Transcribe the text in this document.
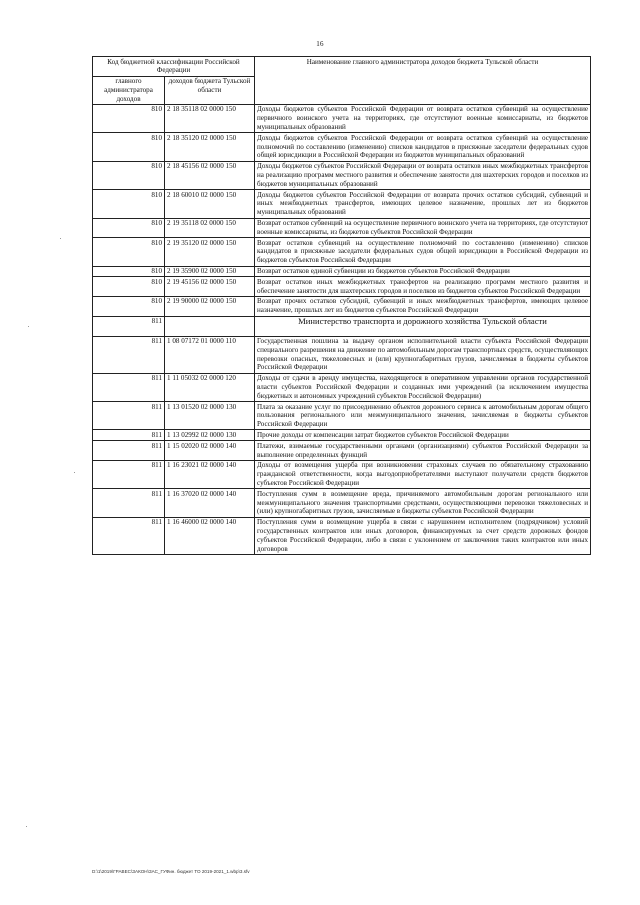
16
Код бюджетной классификации Российской Федерации		Наименование главного администратора доходов бюджета Тульской области
главного администратора доходов	доходов бюджета Тульской области	
810	2 18 35118 02 0000 150	Доходы бюджетов субъектов Российской Федерации от возврата остатков субвенций на осуществление первичного воинского учета на территориях, где отсутствуют военные комиссариаты, из бюджетов муниципальных образований
810	2 18 35120 02 0000 150	Доходы бюджетов субъектов Российской Федерации от возврата остатков субвенций на осуществление полномочий по составлению (изменению) списков кандидатов в присяжные заседатели федеральных судов общей юрисдикции в Российской Федерации из бюджетов муниципальных образований
810	2 18 45156 02 0000 150	Доходы бюджетов субъектов Российской Федерации от возврата остатков иных межбюджетных трансфертов на реализацию программ местного развития и обеспечение занятости для шахтерских городов и поселков из бюджетов муниципальных образований
810	2 18 60010 02 0000 150	Доходы бюджетов субъектов Российской Федерации от возврата прочих остатков субсидий, субвенций и иных межбюджетных трансфертов, имеющих целевое назначение, прошлых лет из бюджетов муниципальных образований
810	2 19 35118 02 0000 150	Возврат остатков субвенций на осуществление первичного воинского учета на территориях, где отсутствуют военные комиссариаты, из бюджетов субъектов Российской Федерации
810	2 19 35120 02 0000 150	Возврат остатков субвенций на осуществление полномочий по составлению (изменению) списков кандидатов в присяжные заседатели федеральных судов общей юрисдикции в Российской Федерации из бюджетов субъектов Российской Федерации
810	2 19 35900 02 0000 150	Возврат остатков единой субвенции из бюджетов субъектов Российской Федерации
810	2 19 45156 02 0000 150	Возврат остатков иных межбюджетных трансфертов на реализацию программ местного развития и обеспечение занятости для шахтерских городов и поселков из бюджетов субъектов Российской Федерации
810	2 19 90000 02 0000 150	Возврат прочих остатков субсидий, субвенций и иных межбюджетных трансфертов, имеющих целевое назначение, прошлых лет из бюджетов субъектов Российской Федерации
811		Министерство транспорта и дорожного хозяйства Тульской области
811	1 08 07172 01 0000 110	Государственная пошлина за выдачу органом исполнительной власти субъекта Российской Федерации специального разрешения на движение по автомобильным дорогам транспортных средств, осуществляющих перевозки опасных, тяжеловесных и (или) крупногабаритных грузов, зачисляемая в бюджеты субъектов Российской Федерации
811	1 11 05032 02 0000 120	Доходы от сдачи в аренду имущества, находящегося в оперативном управлении органов государственной власти субъектов Российской Федерации и созданных ими учреждений (за исключением имущества бюджетных и автономных учреждений субъектов Российской Федерации)
811	1 13 01520 02 0000 130	Плата за оказание услуг по присоединению объектов дорожного сервиса к автомобильным дорогам общего пользования регионального или межмуниципального значения, зачисляемая в бюджеты субъектов Российской Федерации
811	1 13 02992 02 0000 130	Прочие доходы от компенсации затрат бюджетов субъектов Российской Федерации
811	1 15 02020 02 0000 140	Платежи, взимаемые государственными органами (организациями) субъектов Российской Федерации за выполнение определенных функций
811	1 16 23021 02 0000 140	Доходы от возмещения ущерба при возникновении страховых случаев по обязательному страхованию гражданской ответственности, когда выгодоприобретателями выступают получатели средств бюджетов субъектов Российской Федерации
811	1 16 37020 02 0000 140	Поступления сумм в возмещение вреда, причиняемого автомобильным дорогам регионального или межмуниципального значения транспортными средствами, осуществляющими перевозки тяжеловесных и (или) крупногабаритных грузов, зачисляемые в бюджеты субъектов Российской Федерации
811	1 16 46000 02 0000 140	Поступления сумм в возмещение ущерба в связи с нарушением исполнителем (подрядчиком) условий государственных контрактов или иных договоров, финансируемых за счет средств дорожных фондов субъектов Российской Федерации, либо в связи с уклонением от заключения таких контрактов или иных договоров
D:\1\2019\ГРАВЕС\ЗАКОН\ЗАС_ГУФин. бюджет ТО 2019-2021_1.wbp\3.sfv
